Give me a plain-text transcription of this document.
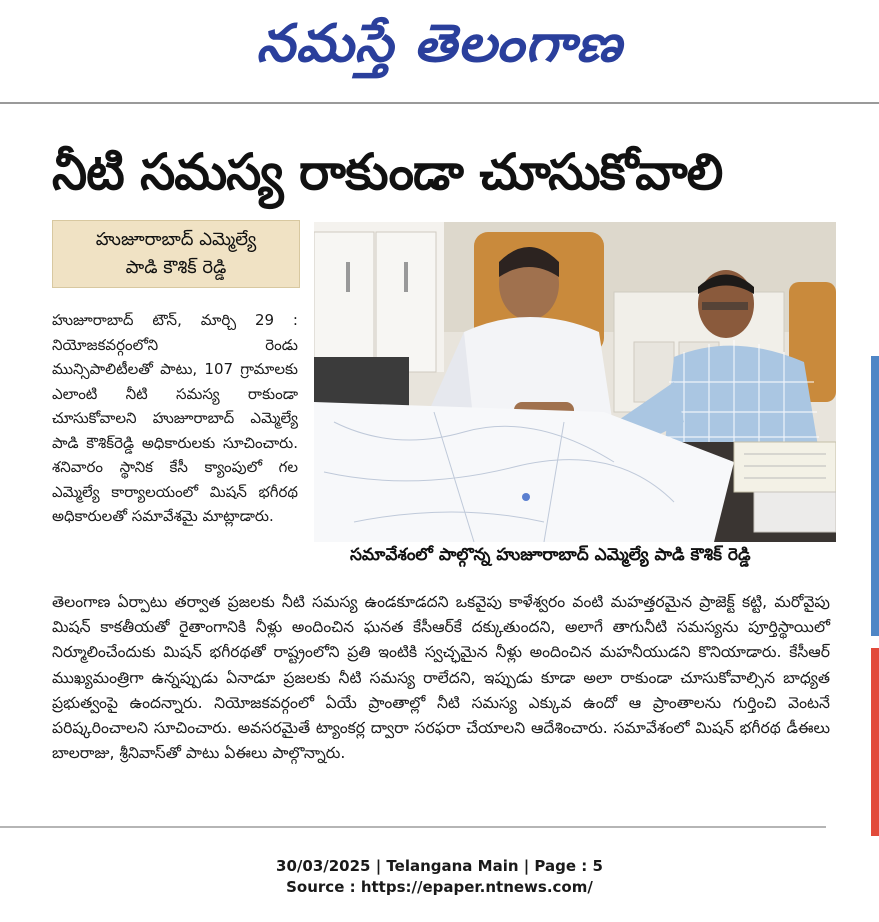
నమస్తే తెలంగాణ
నీటి సమస్య రాకుండా చూసుకోవాలి
హుజూరాబాద్ ఎమ్మెల్యే
పాడి కౌశిక్ రెడ్డి

హుజూరాబాద్ టౌన్, మార్చి 29 : నియోజకవర్గంలోని రెండు మున్సిపాలిటీలతో పాటు, 107 గ్రామాలకు ఎలాంటి నీటి సమస్య రాకుండా చూసుకోవాలని హుజూరాబాద్ ఎమ్మెల్యే పాడి కౌశిక్‌రెడ్డి అధికారులకు సూచించారు. శనివారం స్థానిక కేసీ క్యాంపులో గల ఎమ్మెల్యే కార్యాలయంలో మిషన్ భగీరథ అధికారులతో సమావేశమై మాట్లాడారు.

సమావేశంలో పాల్గొన్న హుజూరాబాద్ ఎమ్మెల్యే పాడి కౌశిక్ రెడ్డి

తెలంగాణ ఏర్పాటు తర్వాత ప్రజలకు నీటి సమస్య ఉండకూడదని ఒకవైపు కాళేశ్వరం వంటి మహత్తరమైన ప్రాజెక్ట్ కట్టి, మరోవైపు మిషన్ కాకతీయతో రైతాంగానికి నీళ్లు అందించిన ఘనత కేసీఆర్‌కే దక్కుతుందని, అలాగే తాగునీటి సమస్యను పూర్తిస్థాయిలో నిర్మూలించేందుకు మిషన్ భగీరథతో రాష్ట్రంలోని ప్రతి ఇంటికి స్వచ్ఛమైన నీళ్లు అందించిన మహనీయుడని కొనియాడారు. కేసీఆర్ ముఖ్యమంత్రిగా ఉన్నప్పుడు ఏనాడూ ప్రజలకు నీటి సమస్య రాలేదని, ఇప్పుడు కూడా అలా రాకుండా చూసుకోవాల్సిన బాధ్యత ప్రభుత్వంపై ఉందన్నారు. నియోజకవర్గంలో ఏయే ప్రాంతాల్లో నీటి సమస్య ఎక్కువ ఉందో ఆ ప్రాంతాలను గుర్తించి వెంటనే పరిష్కరించాలని సూచించారు. అవసరమైతే ట్యాంకర్ల ద్వారా సరఫరా చేయాలని ఆదేశించారు. సమావేశంలో మిషన్ భగీరథ డీఈలు బాలరాజు, శ్రీనివాస్‌తో పాటు ఏఈ‌లు పాల్గొన్నారు.

30/03/2025 | Telangana Main | Page : 5
Source : https://epaper.ntnews.com/
